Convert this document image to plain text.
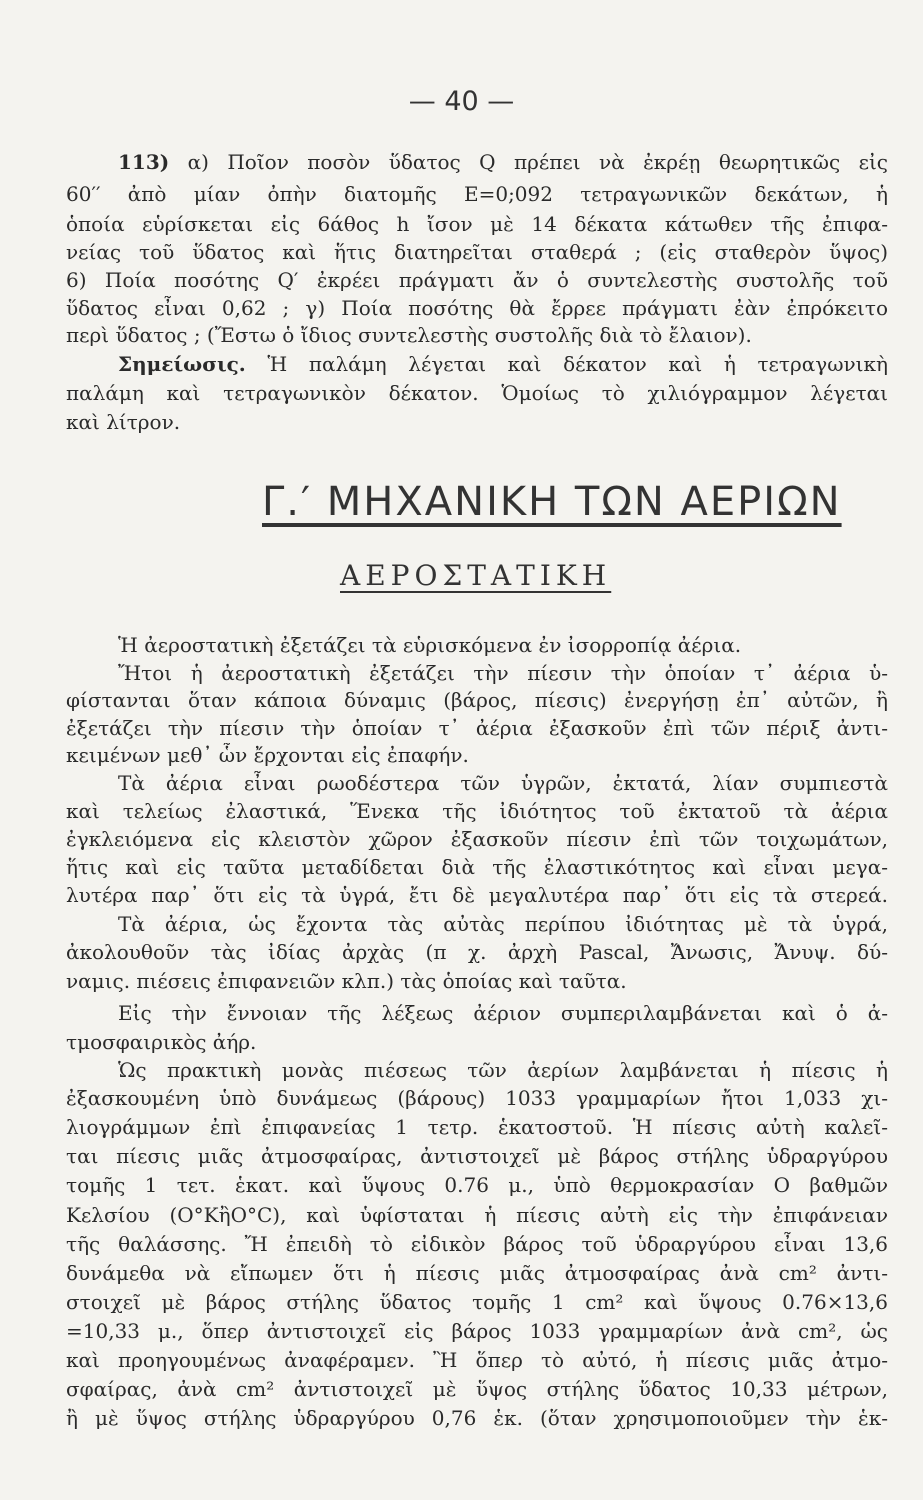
— 40 —
113) α) Ποῖον ποσὸν ὕδατος Q πρέπει νὰ ἐκρέῃ θεωρητικῶς εἰς
60′′ ἀπὸ μίαν ὀπὴν διατομῆς E=0;092 τετραγωνικῶν δεκάτων, ἡ
ὁποία εὑρίσκεται εἰς 6άθος h ἴσον μὲ 14 δέκατα κάτωθεν τῆς ἐπιφα-
νείας τοῦ ὕδατος καὶ ἥτις διατηρεῖται σταθερά ; (εἰς σταθερὸν ὕψος)
6) Ποία ποσότης Q′ ἐκρέει πράγματι ἄν ὁ συντελεστὴς συστολῆς τοῦ
ὕδατος εἶναι 0,62 ; γ) Ποία ποσότης θὰ ἔρρεε πράγματι ἐὰν ἐπρόκειτο
περὶ ὕδατος ; (Ἔστω ὁ ἴδιος συντελεστὴς συστολῆς διὰ τὸ ἔλαιον).
Σημείωσις. Ἡ παλάμη λέγεται καὶ δέκατον καὶ ἡ τετραγωνικὴ
παλάμη καὶ τετραγωνικὸν δέκατον. Ὁμοίως τὸ χιλιόγραμμον λέγεται
καὶ λίτρον.
Γ.′ ΜΗΧΑΝΙΚΗ ΤΩΝ ΑΕΡΙΩΝ
ΑΕΡΟΣΤΑΤΙΚΗ
Ἡ ἀεροστατικὴ ἐξετάζει τὰ εὑρισκόμενα ἐν ἰσορροπίᾳ ἀέρια.
Ἤτοι ἡ ἀεροστατικὴ ἐξετάζει τὴν πίεσιν τὴν ὁποίαν τ᾿ ἀέρια ὑ-
φίστανται ὅταν κάποια δύναμις (βάρος, πίεσις) ἐνεργήσῃ ἐπ᾿ αὐτῶν, ἢ
ἐξετάζει τὴν πίεσιν τὴν ὁποίαν τ᾿ ἀέρια ἐξασκοῦν ἐπὶ τῶν πέριξ ἀντι-
κειμένων μεθ᾿ ὧν ἔρχονται εἰς ἐπαφήν.
Τὰ ἀέρια εἶναι ρωοδέστερα τῶν ὑγρῶν, ἐκτατά, λίαν συμπιεστὰ
καὶ τελείως ἐλαστικά, Ἕνεκα τῆς ἰδιότητος τοῦ ἐκτατοῦ τὰ ἀέρια
ἐγκλειόμενα εἰς κλειστὸν χῶρον ἐξασκοῦν πίεσιν ἐπὶ τῶν τοιχωμάτων,
ἥτις καὶ εἰς ταῦτα μεταδίδεται διὰ τῆς ἐλαστικότητος καὶ εἶναι μεγα-
λυτέρα παρ᾿ ὅτι εἰς τὰ ὑγρά, ἔτι δὲ μεγαλυτέρα παρ᾿ ὅτι εἰς τὰ στερεά.
Τὰ ἀέρια, ὡς ἔχοντα τὰς αὐτὰς περίπου ἰδιότητας μὲ τὰ ὑγρά,
ἀκολουθοῦν τὰς ἰδίας ἀρχὰς (π χ. ἀρχὴ Pascal, Ἄνωσις, Ἄνυψ. δύ-
ναμις. πιέσεις ἐπιφανειῶν κλπ.) τὰς ὁποίας καὶ ταῦτα.
Εἰς τὴν ἔννοιαν τῆς λέξεως ἀέριον συμπεριλαμβάνεται καὶ ὁ ἀ-
τμοσφαιρικὸς ἀήρ.
Ὡς πρακτικὴ μονὰς πιέσεως τῶν ἀερίων λαμβάνεται ἡ πίεσις ἡ
ἐξασκουμένη ὑπὸ δυνάμεως (βάρους) 1033 γραμμαρίων ἤτοι 1,033 χι-
λιογράμμων ἐπὶ ἐπιφανείας 1 τετρ. ἑκατοστοῦ. Ἡ πίεσις αὐτὴ καλεῖ-
ται πίεσις μιᾶς ἀτμοσφαίρας, ἀντιστοιχεῖ μὲ βάρος στήλης ὑδραργύρου
τομῆς 1 τετ. ἑκατ. καὶ ὕψους 0.76 μ., ὑπὸ θερμοκρασίαν O βαθμῶν
Κελσίου (O°ΚἢO°C), καὶ ὑφίσταται ἡ πίεσις αὐτὴ εἰς τὴν ἐπιφάνειαν
τῆς θαλάσσης. Ἤ ἐπειδὴ τὸ εἰδικὸν βάρος τοῦ ὑδραργύρου εἶναι 13,6
δυνάμεθα νὰ εἴπωμεν ὅτι ἡ πίεσις μιᾶς ἀτμοσφαίρας ἀνὰ cm² ἀντι-
στοιχεῖ μὲ βάρος στήλης ὕδατος τομῆς 1 cm² καὶ ὕψους 0.76×13,6
=10,33 μ., ὅπερ ἀντιστοιχεῖ εἰς βάρος 1033 γραμμαρίων ἀνὰ cm², ὡς
καὶ προηγουμένως ἀναφέραμεν. Ἢ ὅπερ τὸ αὐτό, ἡ πίεσις μιᾶς ἀτμο-
σφαίρας, ἀνὰ cm² ἀντιστοιχεῖ μὲ ὕψος στήλης ὕδατος 10,33 μέτρων,
ἢ μὲ ὕψος στήλης ὑδραργύρου 0,76 ἑκ. (ὅταν χρησιμοποιοῦμεν τὴν ἑκ-
